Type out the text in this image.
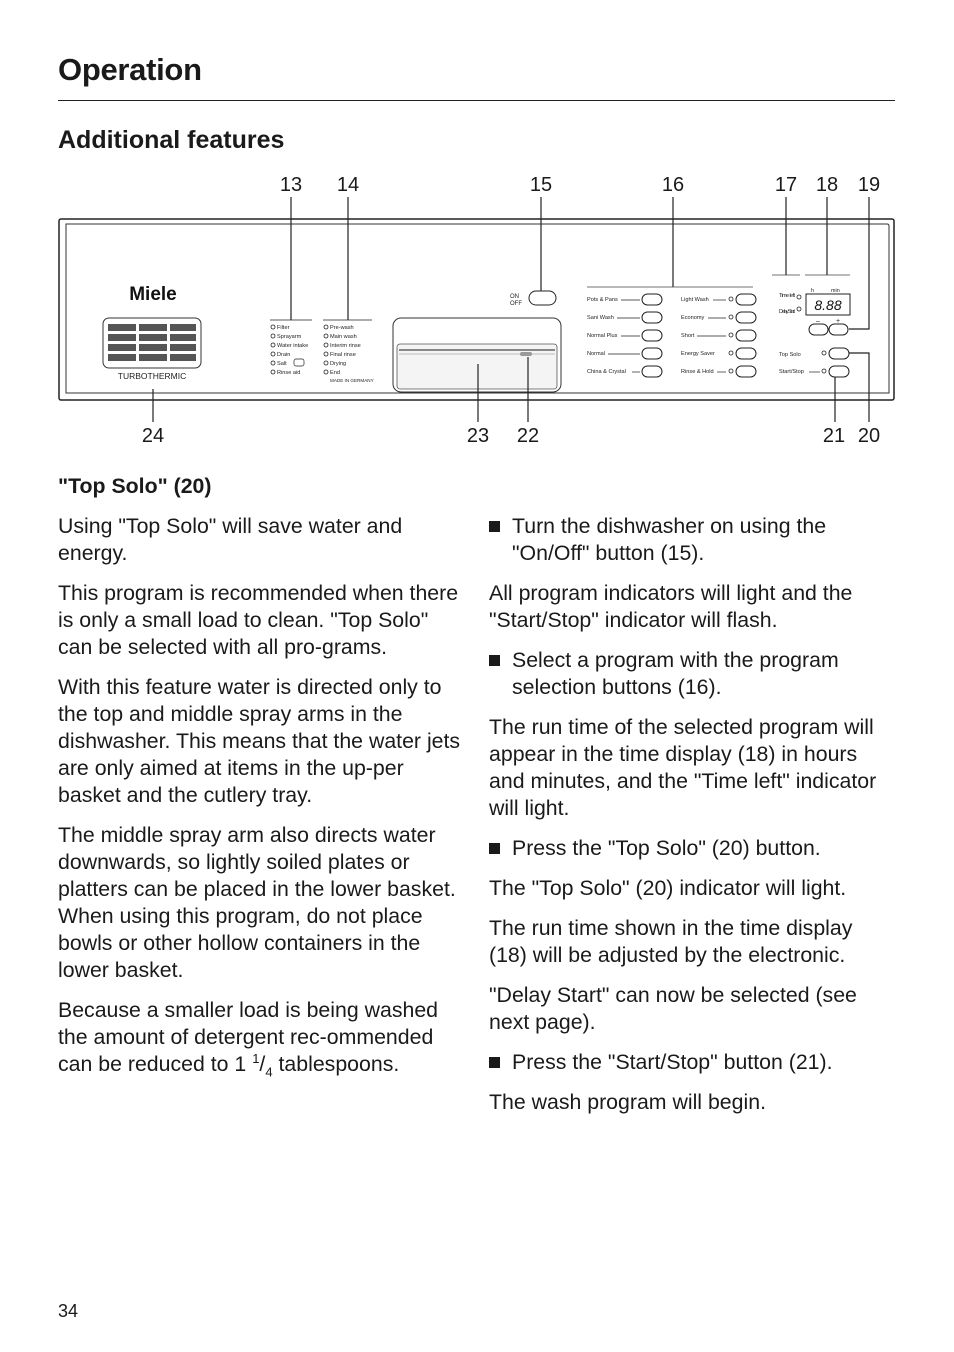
Operation
Additional features
13 14	15	16	17 18 19
24	23 22	21 20
Miele
TURBOTHERMIC
Filter
Sprayarm
Water intake
Drain
Salt
Rinse aid
Pre-wash
Main wash
Interim rinse
Final rinse
Drying
End
MADE IN GERMANY
ON
OFF
Pots & Pans
Sani Wash
Normal Plus
Normal
China & Crystal
Light Wash
Economy
Short
Energy Saver
Rinse & Hold
Time left
Delay Start
h	min
8.88
– +
Top Solo
Start/Stop

"Top Solo" (20)

Using "Top Solo" will save water and energy.

This program is recommended when there is only a small load to clean. "Top Solo" can be selected with all pro-grams.

With this feature water is directed only to the top and middle spray arms in the dishwasher. This means that the water jets are only aimed at items in the up-per basket and the cutlery tray.

The middle spray arm also directs water downwards, so lightly soiled plates or platters can be placed in the lower basket.

When using this program, do not place bowls or other hollow containers in the lower basket.

Because a smaller load is being washed the amount of detergent rec-ommended can be reduced to 1 $^1/_4$ tablespoons.

Turn the dishwasher on using the "On/Off" button (15).

All program indicators will light and the "Start/Stop" indicator will flash.

Select a program with the program selection buttons (16).

The run time of the selected program will appear in the time display (18) in hours and minutes, and the "Time left" indicator will light.

Press the "Top Solo" (20) button.

The "Top Solo" (20) indicator will light.

The run time shown in the time display (18) will be adjusted by the electronic.

"Delay Start" can now be selected (see next page).

Press the "Start/Stop" button (21).

The wash program will begin.

34
